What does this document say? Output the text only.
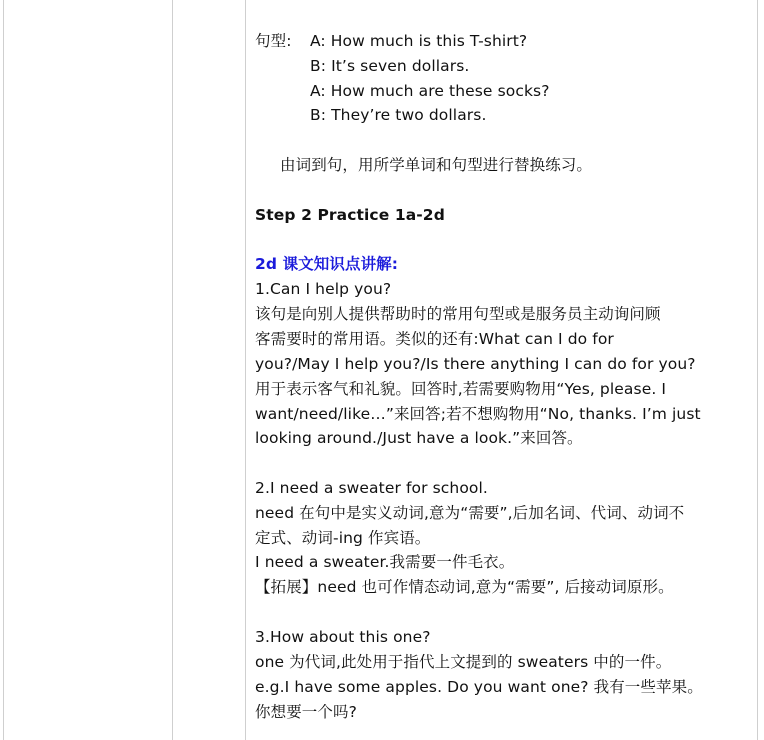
句型: A: How much is this T-shirt?
B: It’s seven dollars.
A: How much are these socks?
B: They’re two dollars.
由词到句，用所学单词和句型进行替换练习。
Step 2 Practice 1a-2d
2d 课文知识点讲解:
1.Can I help you?
该句是向别人提供帮助时的常用句型或是服务员主动询问顾
客需要时的常用语。类似的还有:What can I do for
you?/May I help you?/Is there anything I can do for you?
用于表示客气和礼貌。回答时,若需要购物用“Yes, please. I
want/need/like…”来回答;若不想购物用“No, thanks. I’m just
looking around./Just have a look.”来回答。
2.I need a sweater for school.
need 在句中是实义动词,意为“需要”,后加名词、代词、动词不
定式、动词-ing 作宾语。
I need a sweater.我需要一件毛衣。
【拓展】need 也可作情态动词,意为“需要”, 后接动词原形。
3.How about this one?
one 为代词,此处用于指代上文提到的 sweaters 中的一件。
e.g.I have some apples. Do you want one? 我有一些苹果。
你想要一个吗?
